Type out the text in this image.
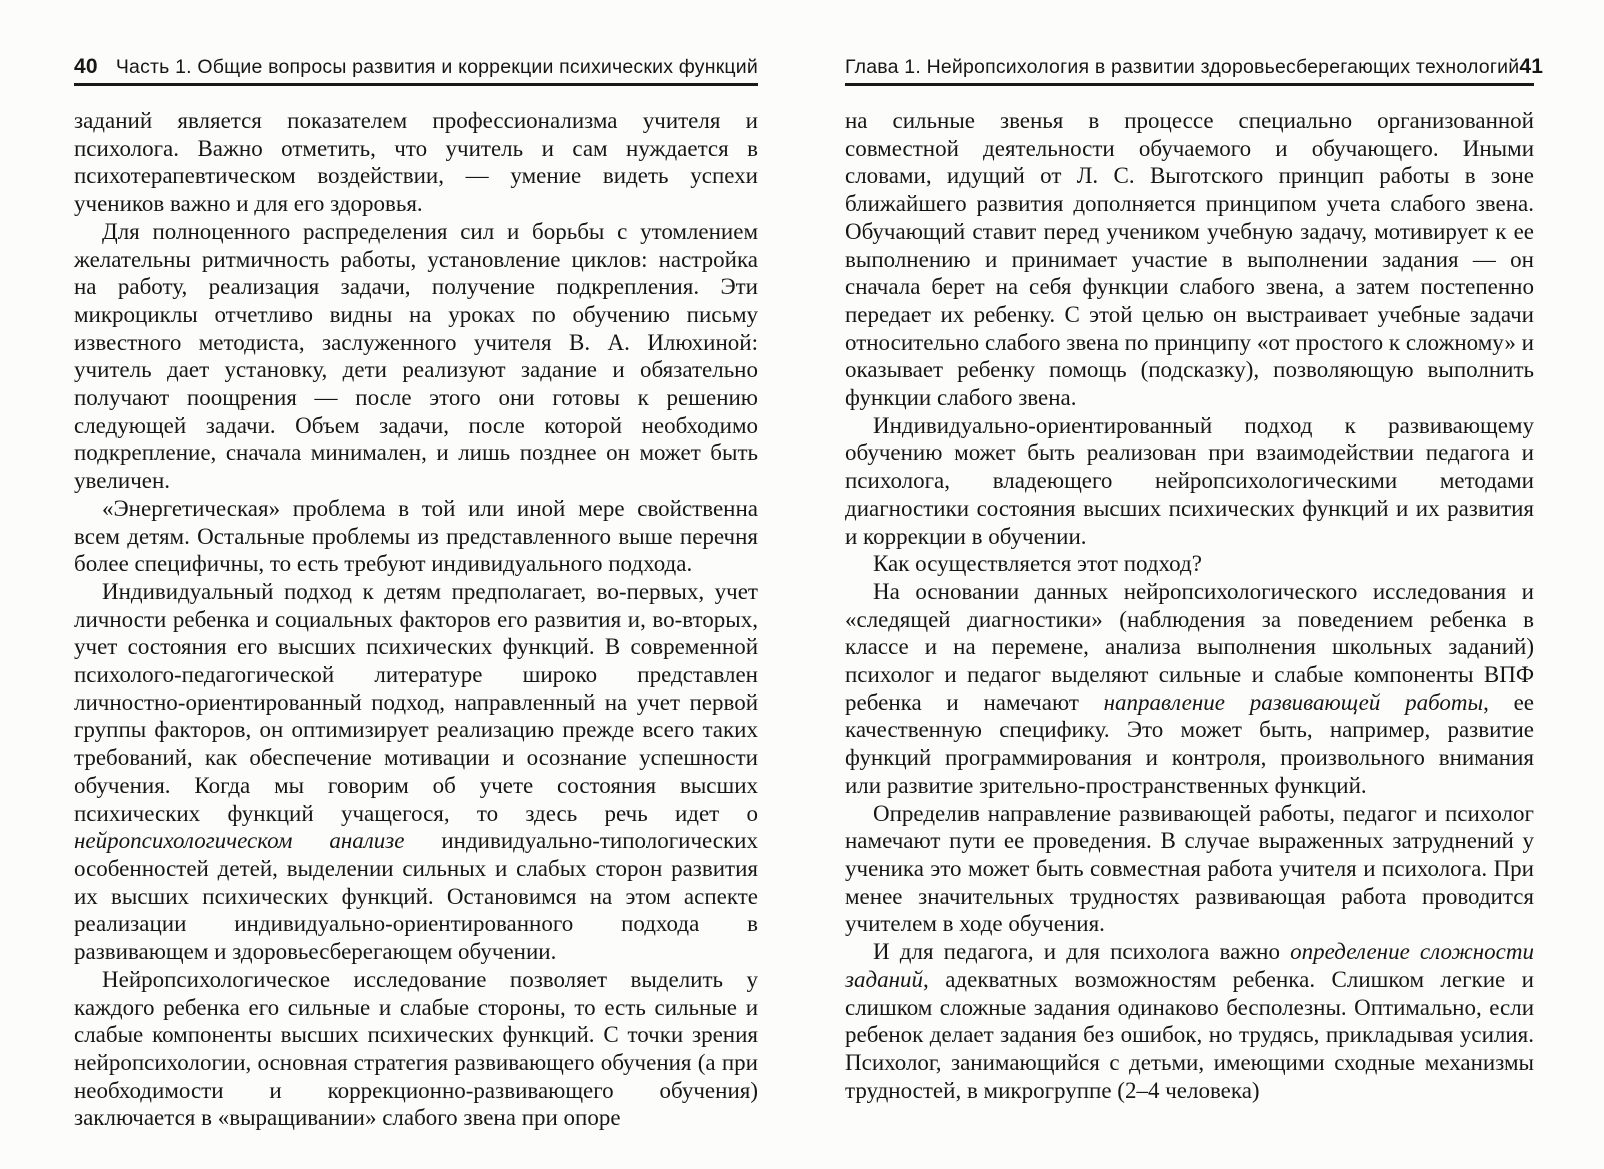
40 Часть 1. Общие вопросы развития и коррекции психических функций

заданий является показателем профессионализма учителя и психолога. Важно отметить, что учитель и сам нуждается в психотерапевтическом воздействии, — умение видеть успехи учеников важно и для его здоровья.

Для полноценного распределения сил и борьбы с утомлением желательны ритмичность работы, установление циклов: настройка на работу, реализация задачи, получение подкрепления. Эти микроциклы отчетливо видны на уроках по обучению письму известного методиста, заслуженного учителя В. А. Илюхиной: учитель дает установку, дети реализуют задание и обязательно получают поощрения — после этого они готовы к решению следующей задачи. Объем задачи, после которой необходимо подкрепление, сначала минимален, и лишь позднее он может быть увеличен.

«Энергетическая» проблема в той или иной мере свойственна всем детям. Остальные проблемы из представленного выше перечня более специфичны, то есть требуют индивидуального подхода.

Индивидуальный подход к детям предполагает, во-первых, учет личности ребенка и социальных факторов его развития и, во-вторых, учет состояния его высших психических функций. В современной психолого-педагогической литературе широко представлен личностно-ориентированный подход, направленный на учет первой группы факторов, он оптимизирует реализацию прежде всего таких требований, как обеспечение мотивации и осознание успешности обучения. Когда мы говорим об учете состояния высших психических функций учащегося, то здесь речь идет о нейропсихологическом анализе индивидуально-типологических особенностей детей, выделении сильных и слабых сторон развития их высших психических функций. Остановимся на этом аспекте реализации индивидуально-ориентированного подхода в развивающем и здоровьесберегающем обучении.

Нейропсихологическое исследование позволяет выделить у каждого ребенка его сильные и слабые стороны, то есть сильные и слабые компоненты высших психических функций. С точки зрения нейропсихологии, основная стратегия развивающего обучения (а при необходимости и коррекционно-развивающего обучения) заключается в «выращивании» слабого звена при опоре

Глава 1. Нейропсихология в развитии здоровьесберегающих технологий 41

на сильные звенья в процессе специально организованной совместной деятельности обучаемого и обучающего. Иными словами, идущий от Л. С. Выготского принцип работы в зоне ближайшего развития дополняется принципом учета слабого звена. Обучающий ставит перед учеником учебную задачу, мотивирует к ее выполнению и принимает участие в выполнении задания — он сначала берет на себя функции слабого звена, а затем постепенно передает их ребенку. С этой целью он выстраивает учебные задачи относительно слабого звена по принципу «от простого к сложному» и оказывает ребенку помощь (подсказку), позволяющую выполнить функции слабого звена.

Индивидуально-ориентированный подход к развивающему обучению может быть реализован при взаимодействии педагога и психолога, владеющего нейропсихологическими методами диагностики состояния высших психических функций и их развития и коррекции в обучении.

Как осуществляется этот подход?

На основании данных нейропсихологического исследования и «следящей диагностики» (наблюдения за поведением ребенка в классе и на перемене, анализа выполнения школьных заданий) психолог и педагог выделяют сильные и слабые компоненты ВПФ ребенка и намечают направление развивающей работы, ее качественную специфику. Это может быть, например, развитие функций программирования и контроля, произвольного внимания или развитие зрительно-пространственных функций.

Определив направление развивающей работы, педагог и психолог намечают пути ее проведения. В случае выраженных затруднений у ученика это может быть совместная работа учителя и психолога. При менее значительных трудностях развивающая работа проводится учителем в ходе обучения.

И для педагога, и для психолога важно определение сложности заданий, адекватных возможностям ребенка. Слишком легкие и слишком сложные задания одинаково бесполезны. Оптимально, если ребенок делает задания без ошибок, но трудясь, прикладывая усилия. Психолог, занимающийся с детьми, имеющими сходные механизмы трудностей, в микрогруппе (2–4 человека)
